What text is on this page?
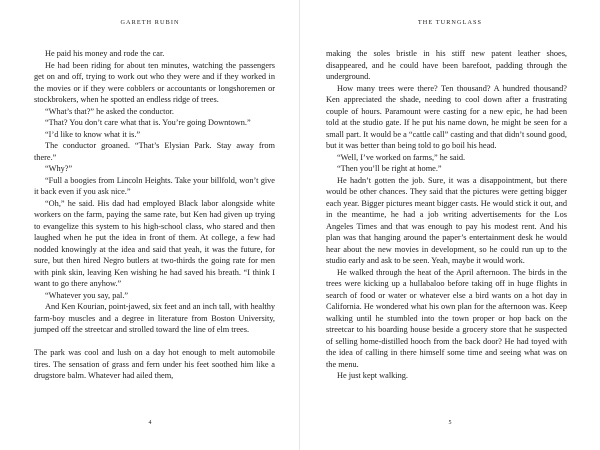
GARETH RUBIN

He paid his money and rode the car.

He had been riding for about ten minutes, watching the passengers get on and off, trying to work out who they were and if they worked in the movies or if they were cobblers or accountants or longshoremen or stockbrokers, when he spotted an endless ridge of trees.

“What’s that?” he asked the conductor.

“That? You don’t care what that is. You’re going Downtown.”

“I’d like to know what it is.”

The conductor groaned. “That’s Elysian Park. Stay away from there.”

“Why?”

“Full a boogies from Lincoln Heights. Take your billfold, won’t give it back even if you ask nice.”

“Oh,” he said. His dad had employed Black labor alongside white workers on the farm, paying the same rate, but Ken had given up trying to evangelize this system to his high-school class, who stared and then laughed when he put the idea in front of them. At college, a few had nodded knowingly at the idea and said that yeah, it was the future, for sure, but then hired Negro butlers at two-thirds the going rate for men with pink skin, leaving Ken wishing he had saved his breath. “I think I want to go there anyhow.”

“Whatever you say, pal.”

And Ken Kourian, point-jawed, six feet and an inch tall, with healthy farm-boy muscles and a degree in literature from Boston University, jumped off the streetcar and strolled toward the line of elm trees.

The park was cool and lush on a day hot enough to melt automobile tires. The sensation of grass and fern under his feet soothed him like a drugstore balm. Whatever had ailed them,

4
THE TURNGLASS

making the soles bristle in his stiff new patent leather shoes, disappeared, and he could have been barefoot, padding through the underground.

How many trees were there? Ten thousand? A hundred thousand? Ken appreciated the shade, needing to cool down after a frustrating couple of hours. Paramount were casting for a new epic, he had been told at the studio gate. If he put his name down, he might be seen for a small part. It would be a “cattle call” casting and that didn’t sound good, but it was better than being told to go boil his head.

“Well, I’ve worked on farms,” he said.

“Then you’ll be right at home.”

He hadn’t gotten the job. Sure, it was a disappointment, but there would be other chances. They said that the pictures were getting bigger each year. Bigger pictures meant bigger casts. He would stick it out, and in the meantime, he had a job writing advertisements for the Los Angeles Times and that was enough to pay his modest rent. And his plan was that hanging around the paper’s entertainment desk he would hear about the new movies in development, so he could run up to the studio early and ask to be seen. Yeah, maybe it would work.

He walked through the heat of the April afternoon. The birds in the trees were kicking up a hullabaloo before taking off in huge flights in search of food or water or whatever else a bird wants on a hot day in California. He wondered what his own plan for the afternoon was. Keep walking until he stumbled into the town proper or hop back on the streetcar to his boarding house beside a grocery store that he suspected of selling home-distilled hooch from the back door? He had toyed with the idea of calling in there himself some time and seeing what was on the menu.

He just kept walking.

5
